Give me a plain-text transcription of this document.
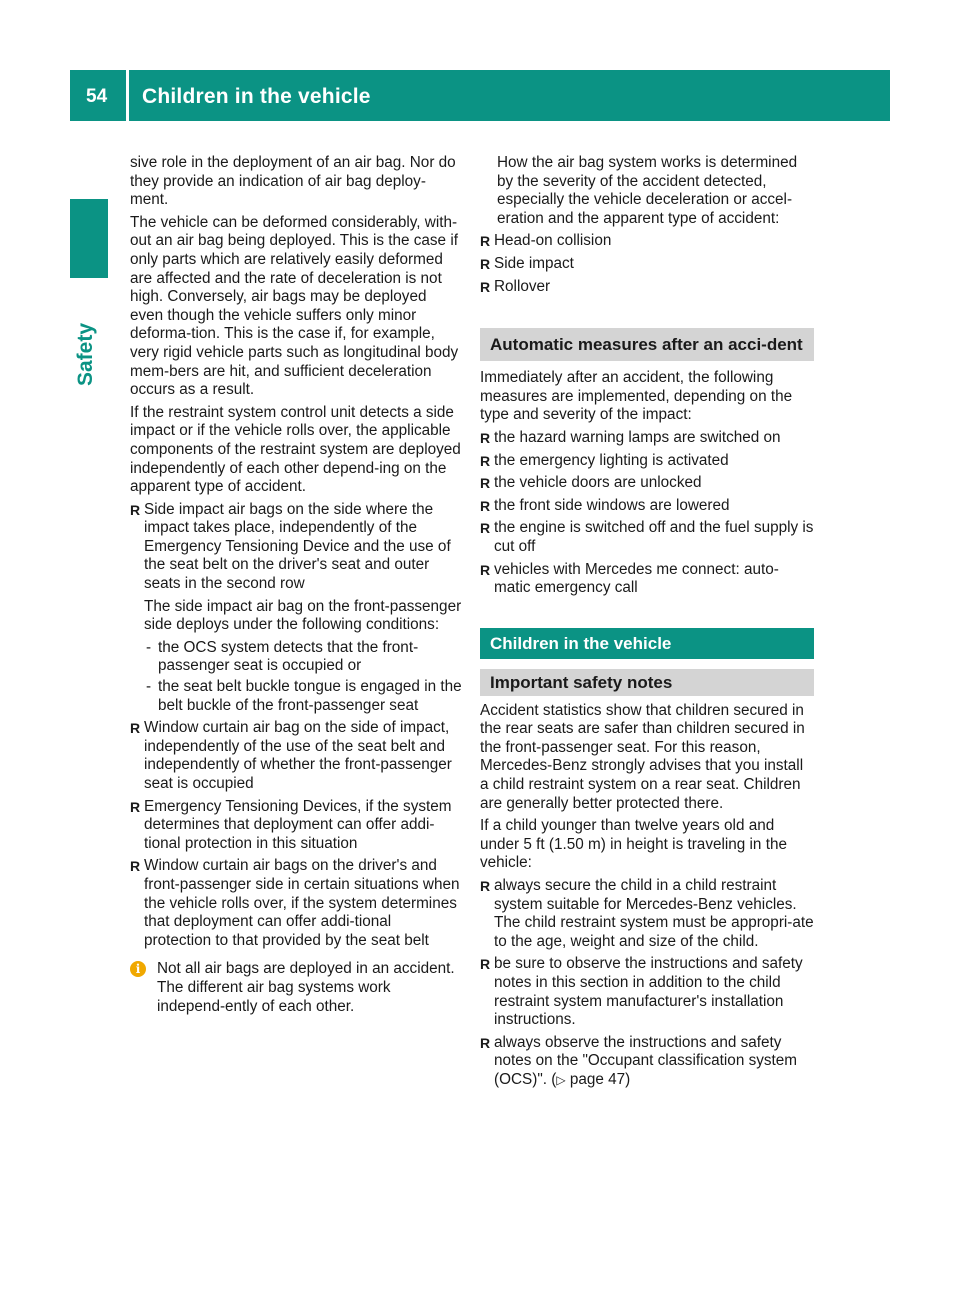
54 Children in the vehicle
Safety

sive role in the deployment of an air bag. Nor do they provide an indication of air bag deploy-ment.

The vehicle can be deformed considerably, with-out an air bag being deployed. This is the case if only parts which are relatively easily deformed are affected and the rate of deceleration is not high. Conversely, air bags may be deployed even though the vehicle suffers only minor deforma-tion. This is the case if, for example, very rigid vehicle parts such as longitudinal body mem-bers are hit, and sufficient deceleration occurs as a result.

If the restraint system control unit detects a side impact or if the vehicle rolls over, the applicable components of the restraint system are deployed independently of each other depend-ing on the apparent type of accident.

R Side impact air bags on the side where the impact takes place, independently of the Emergency Tensioning Device and the use of the seat belt on the driver's seat and outer seats in the second row
The side impact air bag on the front-passenger side deploys under the following conditions:
- the OCS system detects that the front-passenger seat is occupied or
- the seat belt buckle tongue is engaged in the belt buckle of the front-passenger seat
R Window curtain air bag on the side of impact, independently of the use of the seat belt and independently of whether the front-passenger seat is occupied
R Emergency Tensioning Devices, if the system determines that deployment can offer addi-tional protection in this situation
R Window curtain air bags on the driver's and front-passenger side in certain situations when the vehicle rolls over, if the system determines that deployment can offer addi-tional protection to that provided by the seat belt
i	Not all air bags are deployed in an accident. The different air bag systems work independ-ently of each other.

How the air bag system works is determined by the severity of the accident detected, especially the vehicle deceleration or accel-eration and the apparent type of accident:

R Head-on collision
R Side impact
R Rollover
Automatic measures after an acci-dent

Immediately after an accident, the following measures are implemented, depending on the type and severity of the impact:

R the hazard warning lamps are switched on
R the emergency lighting is activated
R the vehicle doors are unlocked
R the front side windows are lowered
R the engine is switched off and the fuel supply is cut off
R vehicles with Mercedes me connect: auto-matic emergency call
Children in the vehicle
Important safety notes

Accident statistics show that children secured in the rear seats are safer than children secured in the front-passenger seat. For this reason, Mercedes-Benz strongly advises that you install a child restraint system on a rear seat. Children are generally better protected there.

If a child younger than twelve years old and under 5 ft (1.50 m) in height is traveling in the vehicle:

R always secure the child in a child restraint system suitable for Mercedes-Benz vehicles. The child restraint system must be appropri-ate to the age, weight and size of the child.
R be sure to observe the instructions and safety notes in this section in addition to the child restraint system manufacturer's installation instructions.
R always observe the instructions and safety notes on the "Occupant classification system (OCS)". (▷ page 47)
